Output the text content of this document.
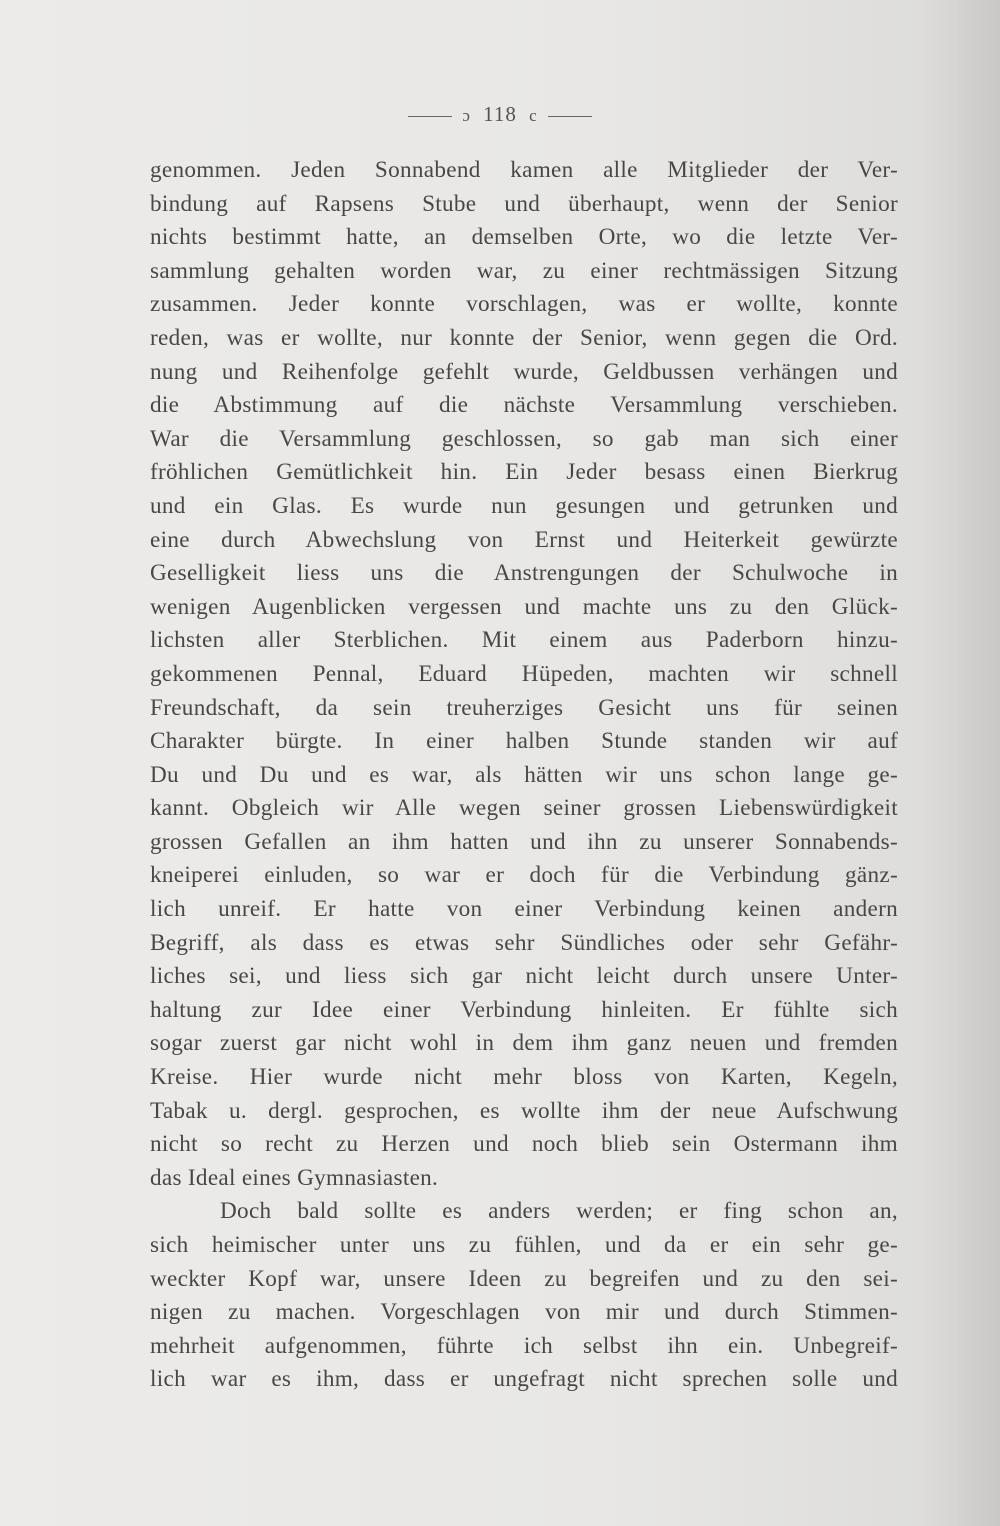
ɔ 118 c
genommen. Jeden Sonnabend kamen alle Mitglieder der Ver-
bindung auf Rapsens Stube und überhaupt, wenn der Senior
nichts bestimmt hatte, an demselben Orte, wo die letzte Ver-
sammlung gehalten worden war, zu einer rechtmässigen Sitzung
zusammen. Jeder konnte vorschlagen, was er wollte, konnte
reden, was er wollte, nur konnte der Senior, wenn gegen die Ord.
nung und Reihenfolge gefehlt wurde, Geldbussen verhängen und
die Abstimmung auf die nächste Versammlung verschieben.
War die Versammlung geschlossen, so gab man sich einer
fröhlichen Gemütlichkeit hin. Ein Jeder besass einen Bierkrug
und ein Glas. Es wurde nun gesungen und getrunken und
eine durch Abwechslung von Ernst und Heiterkeit gewürzte
Geselligkeit liess uns die Anstrengungen der Schulwoche in
wenigen Augenblicken vergessen und machte uns zu den Glück-
lichsten aller Sterblichen. Mit einem aus Paderborn hinzu-
gekommenen Pennal, Eduard Hüpeden, machten wir schnell
Freundschaft, da sein treuherziges Gesicht uns für seinen
Charakter bürgte. In einer halben Stunde standen wir auf
Du und Du und es war, als hätten wir uns schon lange ge-
kannt. Obgleich wir Alle wegen seiner grossen Liebenswürdigkeit
grossen Gefallen an ihm hatten und ihn zu unserer Sonnabends-
kneiperei einluden, so war er doch für die Verbindung gänz-
lich unreif. Er hatte von einer Verbindung keinen andern
Begriff, als dass es etwas sehr Sündliches oder sehr Gefähr-
liches sei, und liess sich gar nicht leicht durch unsere Unter-
haltung zur Idee einer Verbindung hinleiten. Er fühlte sich
sogar zuerst gar nicht wohl in dem ihm ganz neuen und fremden
Kreise. Hier wurde nicht mehr bloss von Karten, Kegeln,
Tabak u. dergl. gesprochen, es wollte ihm der neue Aufschwung
nicht so recht zu Herzen und noch blieb sein Ostermann ihm
das Ideal eines Gymnasiasten.
Doch bald sollte es anders werden; er fing schon an,
sich heimischer unter uns zu fühlen, und da er ein sehr ge-
weckter Kopf war, unsere Ideen zu begreifen und zu den sei-
nigen zu machen. Vorgeschlagen von mir und durch Stimmen-
mehrheit aufgenommen, führte ich selbst ihn ein. Unbegreif-
lich war es ihm, dass er ungefragt nicht sprechen solle und
